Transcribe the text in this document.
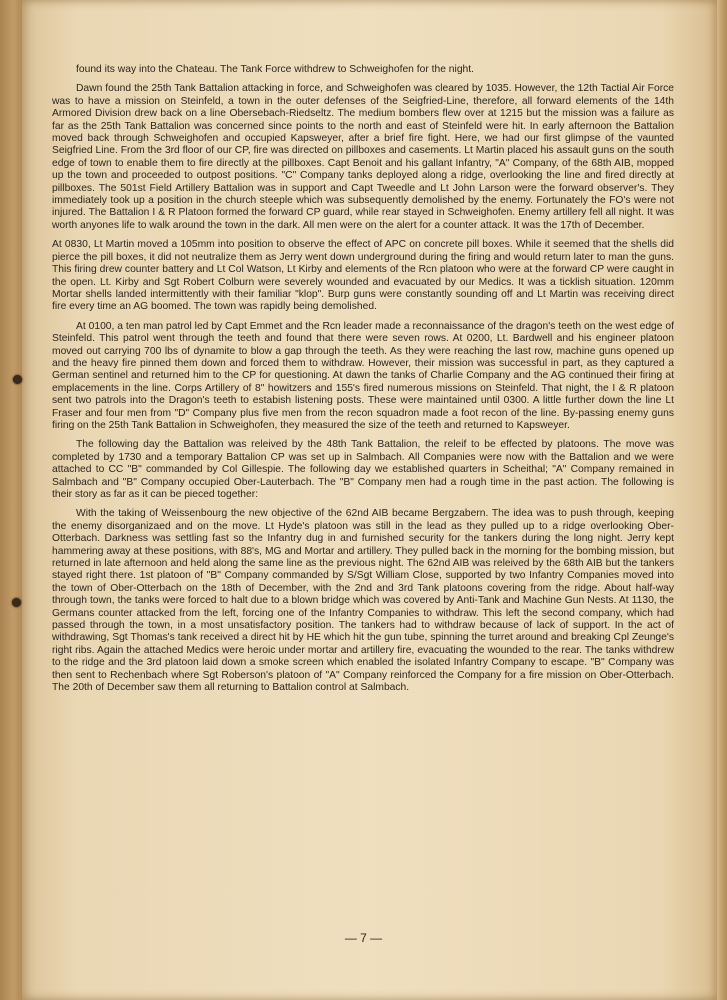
found its way into the Chateau. The Tank Force withdrew to Schweighofen for the night.

Dawn found the 25th Tank Battalion attacking in force, and Schweighofen was cleared by 1035. However, the 12th Tactial Air Force was to have a mission on Steinfeld, a town in the outer defenses of the Seigfried-Line, therefore, all forward elements of the 14th Armored Division drew back on a line Obersebach-Riedseltz. The medium bombers flew over at 1215 but the mission was a failure as far as the 25th Tank Battalion was concerned since points to the north and east of Steinfeld were hit. In early afternoon the Battalion moved back through Schweighofen and occupied Kapsweyer, after a brief fire fight. Here, we had our first glimpse of the vaunted Seigfried Line. From the 3rd floor of our CP, fire was directed on pillboxes and casements. Lt Martin placed his assault guns on the south edge of town to enable them to fire directly at the pillboxes. Capt Benoit and his gallant Infantry, "A" Company, of the 68th AIB, mopped up the town and proceeded to outpost positions. "C" Company tanks deployed along a ridge, overlooking the line and fired directly at pillboxes. The 501st Field Artillery Battalion was in support and Capt Tweedle and Lt John Larson were the forward observer's. They immediately took up a position in the church steeple which was subsequently demolished by the enemy. Fortunately the FO's were not injured. The Battalion I & R Platoon formed the forward CP guard, while rear stayed in Schweighofen. Enemy artillery fell all night. It was worth anyones life to walk around the town in the dark. All men were on the alert for a counter attack. It was the 17th of December.

At 0830, Lt Martin moved a 105mm into position to observe the effect of APC on concrete pill boxes. While it seemed that the shells did pierce the pill boxes, it did not neutralize them as Jerry went down underground during the firing and would return later to man the guns. This firing drew counter battery and Lt Col Watson, Lt Kirby and elements of the Rcn platoon who were at the forward CP were caught in the open. Lt. Kirby and Sgt Robert Colburn were severely wounded and evacuated by our Medics. It was a ticklish situation. 120mm Mortar shells landed intermittently with their familiar "klop". Burp guns were constantly sounding off and Lt Martin was receiving direct fire every time an AG boomed. The town was rapidly being demolished.

At 0100, a ten man patrol led by Capt Emmet and the Rcn leader made a reconnaissance of the dragon's teeth on the west edge of Steinfeld. This patrol went through the teeth and found that there were seven rows. At 0200, Lt. Bardwell and his engineer platoon moved out carrying 700 lbs of dynamite to blow a gap through the teeth. As they were reaching the last row, machine guns opened up and the heavy fire pinned them down and forced them to withdraw. However, their mission was successful in part, as they captured a German sentinel and returned him to the CP for questioning. At dawn the tanks of Charlie Company and the AG continued their firing at emplacements in the line. Corps Artillery of 8" howitzers and 155's fired numerous missions on Steinfeld. That night, the I & R platoon sent two patrols into the Dragon's teeth to estabish listening posts. These were maintained until 0300. A little further down the line Lt Fraser and four men from "D" Company plus five men from the recon squadron made a foot recon of the line. By-passing enemy guns firing on the 25th Tank Battalion in Schweighofen, they measured the size of the teeth and returned to Kapsweyer.

The following day the Battalion was releived by the 48th Tank Battalion, the releif to be effected by platoons. The move was completed by 1730 and a temporary Battalion CP was set up in Salmbach. All Companies were now with the Battalion and we were attached to CC "B" commanded by Col Gillespie. The following day we established quarters in Scheithal; "A" Company remained in Salmbach and "B" Company occupied Ober-Lauterbach. The "B" Company men had a rough time in the past action. The following is their story as far as it can be pieced together:

With the taking of Weissenbourg the new objective of the 62nd AIB became Bergzabern. The idea was to push through, keeping the enemy disorganizaed and on the move. Lt Hyde's platoon was still in the lead as they pulled up to a ridge overlooking Ober-Otterbach. Darkness was settling fast so the Infantry dug in and furnished security for the tankers during the long night. Jerry kept hammering away at these positions, with 88's, MG and Mortar and artillery. They pulled back in the morning for the bombing mission, but returned in late afternoon and held along the same line as the previous night. The 62nd AIB was releived by the 68th AIB but the tankers stayed right there. 1st platoon of "B" Company commanded by S/Sgt William Close, supported by two Infantry Companies moved into the town of Ober-Otterbach on the 18th of December, with the 2nd and 3rd Tank platoons covering from the ridge. About half-way through town, the tanks were forced to halt due to a blown bridge which was covered by Anti-Tank and Machine Gun Nests. At 1130, the Germans counter attacked from the left, forcing one of the Infantry Companies to withdraw. This left the second company, which had passed through the town, in a most unsatisfactory position. The tankers had to withdraw because of lack of support. In the act of withdrawing, Sgt Thomas's tank received a direct hit by HE which hit the gun tube, spinning the turret around and breaking Cpl Zeunge's right ribs. Again the attached Medics were heroic under mortar and artillery fire, evacuating the wounded to the rear. The tanks withdrew to the ridge and the 3rd platoon laid down a smoke screen which enabled the isolated Infantry Company to escape. "B" Company was then sent to Rechenbach where Sgt Roberson's platoon of "A" Company reinforced the Company for a fire mission on Ober-Otterbach. The 20th of December saw them all returning to Battalion control at Salmbach.

— 7 —
